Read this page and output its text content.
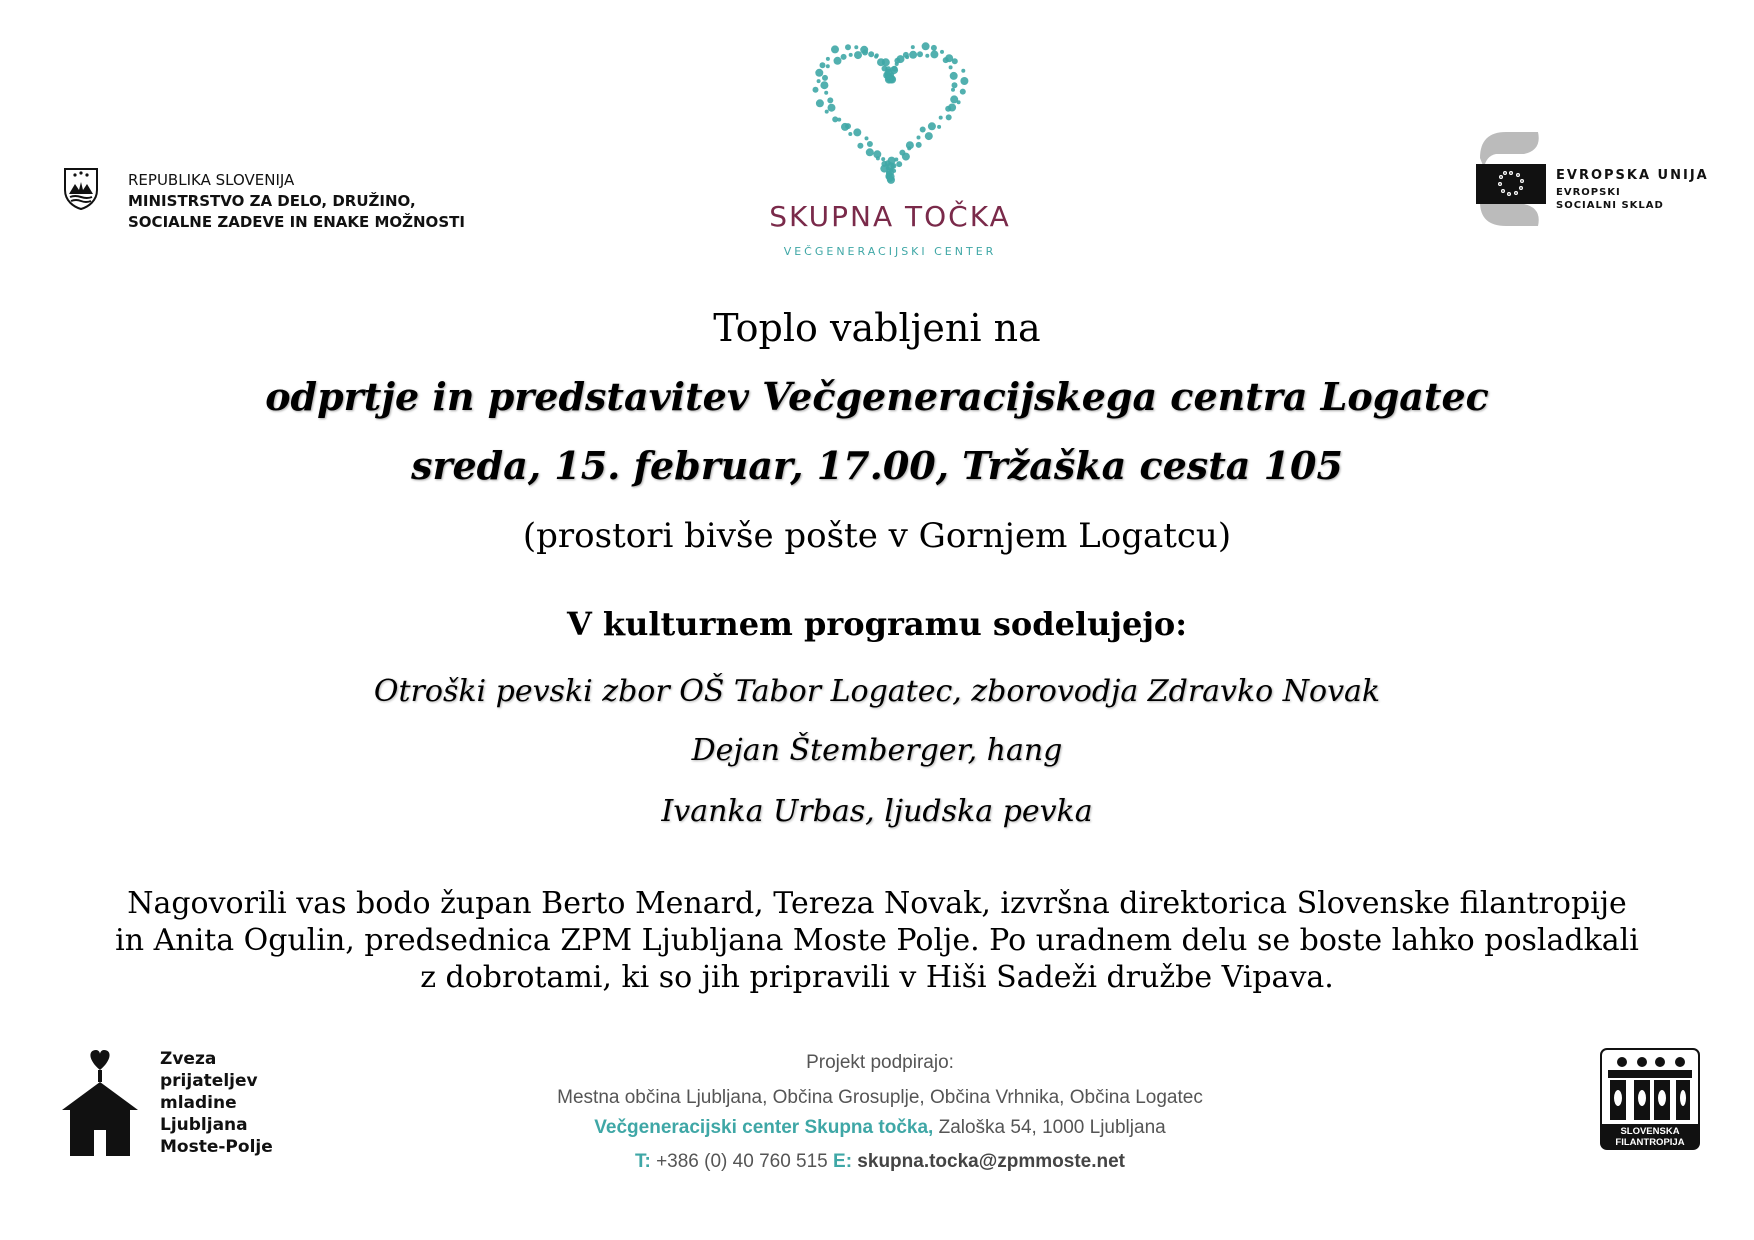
REPUBLIKA SLOVENIJA
MINISTRSTVO ZA DELO, DRUŽINO,
SOCIALNE ZADEVE IN ENAKE MOŽNOSTI	SKUPNA TOČKA
VEČGENERACIJSKI CENTER
EVROPSKA UNIJA
EVROPSKI
SOCIALNI SKLAD
Toplo vabljeni na
odprtje in predstavitev Večgeneracijskega centra Logatec
sreda, 15. februar, 17.00, Tržaška cesta 105
(prostori bivše pošte v Gornjem Logatcu)
V kulturnem programu sodelujejo:
Otroški pevski zbor OŠ Tabor Logatec, zborovodja Zdravko Novak
Dejan Štemberger, hang
Ivanka Urbas, ljudska pevka
Nagovorili vas bodo župan Berto Menard, Tereza Novak, izvršna direktorica Slovenske filantropije in Anita Ogulin, predsednica ZPM Ljubljana Moste Polje. Po uradnem delu se boste lahko posladkali z dobrotami, ki so jih pripravili v Hiši Sadeži družbe Vipava.
Zveza
prijateljev
mladine
Ljubljana
Moste-Polje
Projekt podpirajo:
Mestna občina Ljubljana, Občina Grosuplje, Občina Vrhnika, Občina Logatec
Večgeneracijski center Skupna točka, Zaloška 54, 1000 Ljubljana
T: +386 (0) 40 760 515 E: skupna.tocka@zpmmoste.net
SLOVENSKA
FILANTROPIJA
